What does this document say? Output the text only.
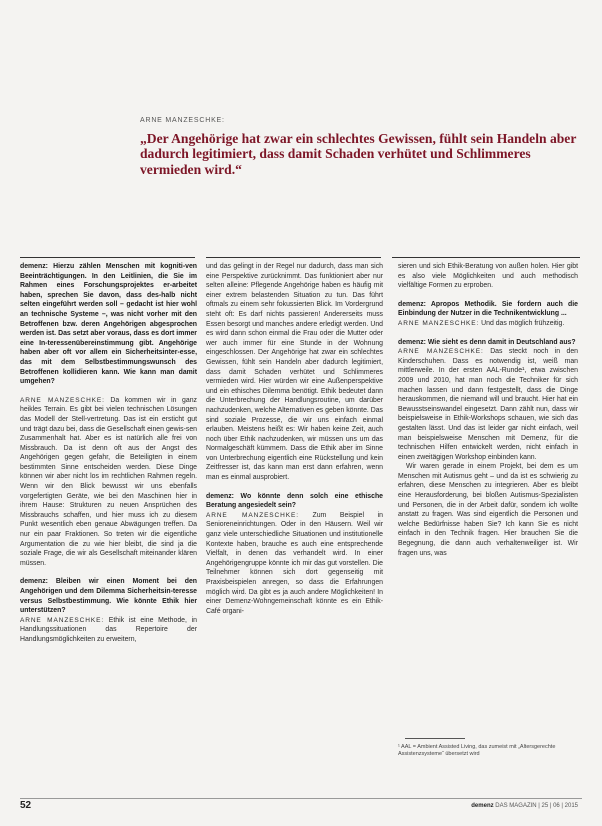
ARNE MANZESCHKE:
„Der Angehörige hat zwar ein schlechtes Gewissen, fühlt sein Handeln aber dadurch legitimiert, dass damit Schaden verhütet und Schlimmeres vermieden wird.“

demenz: Hierzu zählen Menschen mit kogniti-ven Beeinträchtigungen. In den Leitlinien, die Sie im Rahmen eines Forschungsprojektes er-arbeitet haben, sprechen Sie davon, dass des-halb nicht selten eingeführt werden soll – gedacht ist hier wohl an technische Systeme –, was nicht vorher mit den Betroffenen bzw. deren Angehörigen abgesprochen werden ist. Das setzt aber voraus, dass es dort immer eine In-teressenübereinstimmung gibt. Angehörige haben aber oft vor allem ein Sicherheitsinter-esse, das mit dem Selbstbestimmungswunsch des Betroffenen kollidieren kann. Wie kann man damit umgehen?

ARNE MANZESCHKE: Da kommen wir in ganz heikles Terrain. Es gibt bei vielen technischen Lösungen das Modell der Stell-vertretung. Das ist ein ersticht gut und trägt dazu bei, dass die Gesellschaft einen gewis-sen Zusammenhalt hat. Aber es ist natürlich alle frei von Missbrauch. Da ist denn oft aus der Angst des Angehörigen gegen gefahr, die Beteiligten in einem bestimmten Sinne entscheiden werden. Diese Dinge können wir aber nicht los im rechtlichen Rahmen regeln. Wenn wir den Blick bewusst wir uns ebenfalls vorgefertigten Geräte, wie bei den Maschinen hier in ihrem Hause: Strukturen zu neuen Ansprüchen des Missbrauchs schaffen, und hier muss ich zu diesem Punkt wesentlich eben genaue Abwägungen treffen. Da nur ein paar Fraktionen. So treten wir die eigentliche Argumentation die zu wie hier bleibt, die sind ja die soziale Frage, die wir als Gesellschaft miteinander klären müssen.

demenz: Bleiben wir einen Moment bei den Angehörigen und dem Dilemma Sicherheitsin-teresse versus Selbstbestimmung. Wie könnte Ethik hier unterstützen?

ARNE MANZESCHKE: Ethik ist eine Methode, in Handlungssituationen das Repertoire der Handlungsmöglichkeiten zu erweitern,

und das gelingt in der Regel nur dadurch, dass man sich eine Perspektive zurücknimmt. Das funktioniert aber nur selten alleine: Pflegende Angehörige haben es häufig mit einer extrem belastenden Situation zu tun. Das führt oftmals zu einem sehr fokussierten Blick. Im Vordergrund steht oft: Es darf nichts passieren! Andererseits muss Essen besorgt und manches andere erledigt werden. Und es wird dann schon einmal die Frau oder die Mutter oder wer auch immer für eine Stunde in der Wohnung eingeschlossen. Der Angehörige hat zwar ein schlechtes Gewissen, fühlt sein Handeln aber dadurch legitimiert, dass damit Schaden verhütet und Schlimmeres vermieden wird. Hier würden wir eine Außenperspektive und ein ethisches Dilemma benötigt. Ethik bedeutet dann die Unterbrechung der Handlungsroutine, um darüber nachzudenken, welche Alternativen es geben könnte. Das sind soziale Prozesse, die wir uns einfach einmal erlauben. Meistens heißt es: Wir haben keine Zeit, auch noch über Ethik nachzudenken, wir müssen uns um das Normalgeschäft kümmern. Dass die Ethik aber im Sinne von Unterbrechung eigentlich eine Rückstellung und kein Zeitfresser ist, das kann man erst dann erfahren, wenn man es einmal ausprobiert.

demenz: Wo könnte denn solch eine ethische Beratung angesiedelt sein?

ARNE MANZESCHKE: Zum Beispiel in Senioreneinrichtungen. Oder in den Häusern. Weil wir ganz viele unterschiedliche Situationen und institutionelle Kontexte haben, brauche es auch eine entsprechende Vielfalt, in denen das verhandelt wird. In einer Angehörigengruppe könnte ich mir das gut vorstellen. Die Teilnehmer können sich dort gegenseitig mit Praxisbeispielen anregen, so dass die Erfahrungen möglich wird. Da gibt es ja auch andere Möglichkeiten! In einer Demenz-Wohngemeinschaft könnte es ein Ethik-Café organi-

sieren und sich Ethik-Beratung von außen holen. Hier gibt es also viele Möglichkeiten und auch methodisch vielfältige Formen zu erproben.

demenz: Apropos Methodik. Sie fordern auch die Einbindung der Nutzer in die Technikentwicklung ...

ARNE MANZESCHKE: Und das möglich frühzeitig.

demenz: Wie sieht es denn damit in Deutschland aus?

ARNE MANZESCHKE: Das steckt noch in den Kinderschuhen. Dass es notwendig ist, weiß man mittlerweile. In der ersten AAL-Runde¹, etwa zwischen 2009 und 2010, hat man noch die Techniker für sich machen lassen und dann festgestellt, dass die Dinge herauskommen, die niemand will und braucht. Hier hat ein Bewusstseinswandel eingesetzt. Dann zählt nun, dass wir beispielsweise in Ethik-Workshops schauen, wie sich das gestalten lässt. Und das ist leider gar nicht einfach, weil man beispielsweise Menschen mit Demenz, für die technischen Hilfen entwickelt werden, nicht einfach in einen zweitägigen Workshop einbinden kann.

Wir waren gerade in einem Projekt, bei dem es um Menschen mit Autismus geht – und da ist es schwierig zu erfahren, diese Menschen zu integrieren. Aber es bleibt eine Herausforderung, bei bloßen Autismus-Spezialisten und Personen, die in der Arbeit dafür, sondern ich wollte anstatt zu fragen. Was sind eigentlich die Personen und welche Bedürfnisse haben Sie? Ich kann Sie es nicht einfach in den Technik fragen. Hier brauchen Sie die Begegnung, die dann auch verhaltenweiliger ist. Wir fragen uns, was

¹ AAL = Ambient Assisted Living, das zumeist mit „Altersgerechte Assistenzsysteme“ übersetzt wird
52	demenz DAS MAGAZIN | 25 | 06 | 2015
